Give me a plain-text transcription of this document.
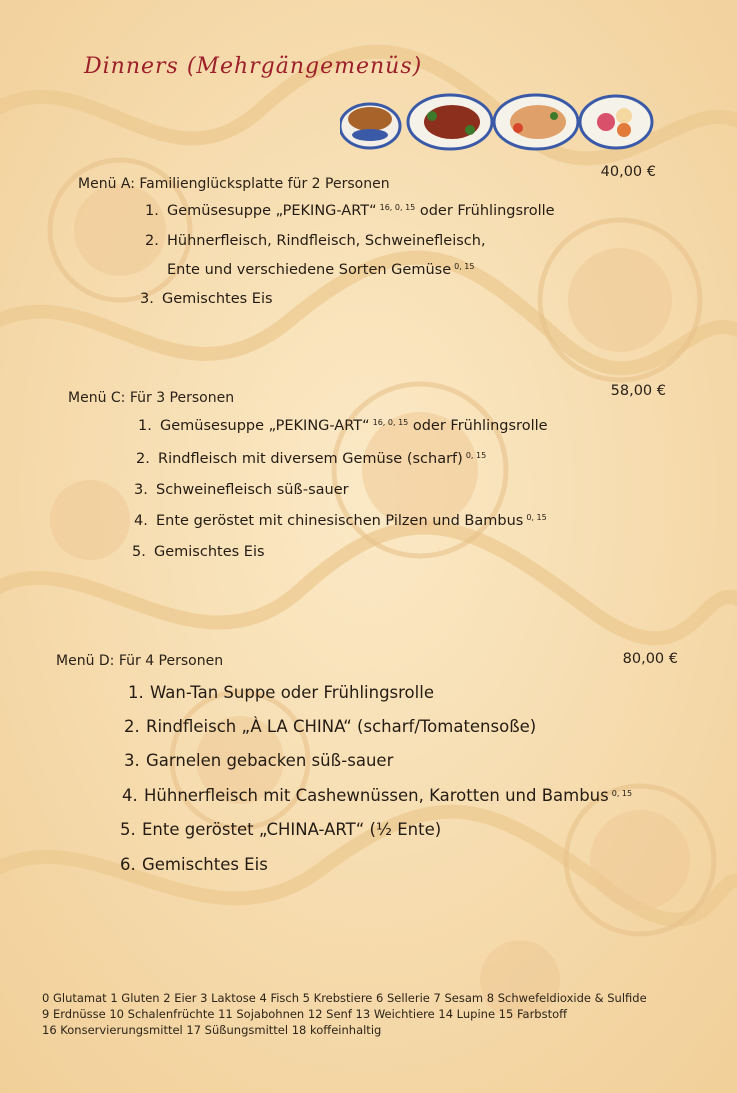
Dinners (Mehrgängemenüs)
Menü A: Familienglücksplatte für 2 Personen
40,00 €
1. Gemüsesuppe „PEKING-ART“ $^{16, 0, 15}$ oder Frühlingsrolle
2. Hühnerfleisch, Rindfleisch, Schweinefleisch,
Ente und verschiedene Sorten Gemüse $^{0, 15}$
3. Gemischtes Eis
Menü C: Für 3 Personen	58,00 €
1. Gemüsesuppe „PEKING-ART“ $^{16, 0, 15}$ oder Frühlingsrolle
2. Rindfleisch mit diversem Gemüse (scharf) $^{0, 15}$
3. Schweinefleisch süß-sauer
4. Ente geröstet mit chinesischen Pilzen und Bambus $^{0, 15}$
5. Gemischtes Eis
Menü D: Für 4 Personen	80,00 €
1. Wan-Tan Suppe oder Frühlingsrolle
2. Rindfleisch „À LA CHINA“ (scharf/Tomatensoße)
3. Garnelen gebacken süß-sauer
4. Hühnerfleisch mit Cashewnüssen, Karotten und Bambus $^{0, 15}$
5. Ente geröstet „CHINA-ART“ (½ Ente)
6. Gemischtes Eis
0 Glutamat 1 Gluten 2 Eier 3 Laktose 4 Fisch 5 Krebstiere 6 Sellerie 7 Sesam 8 Schwefeldioxide & Sulfide
9 Erdnüsse 10 Schalenfrüchte 11 Sojabohnen 12 Senf 13 Weichtiere 14 Lupine 15 Farbstoff
16 Konservierungsmittel 17 Süßungsmittel 18 koffeinhaltig
